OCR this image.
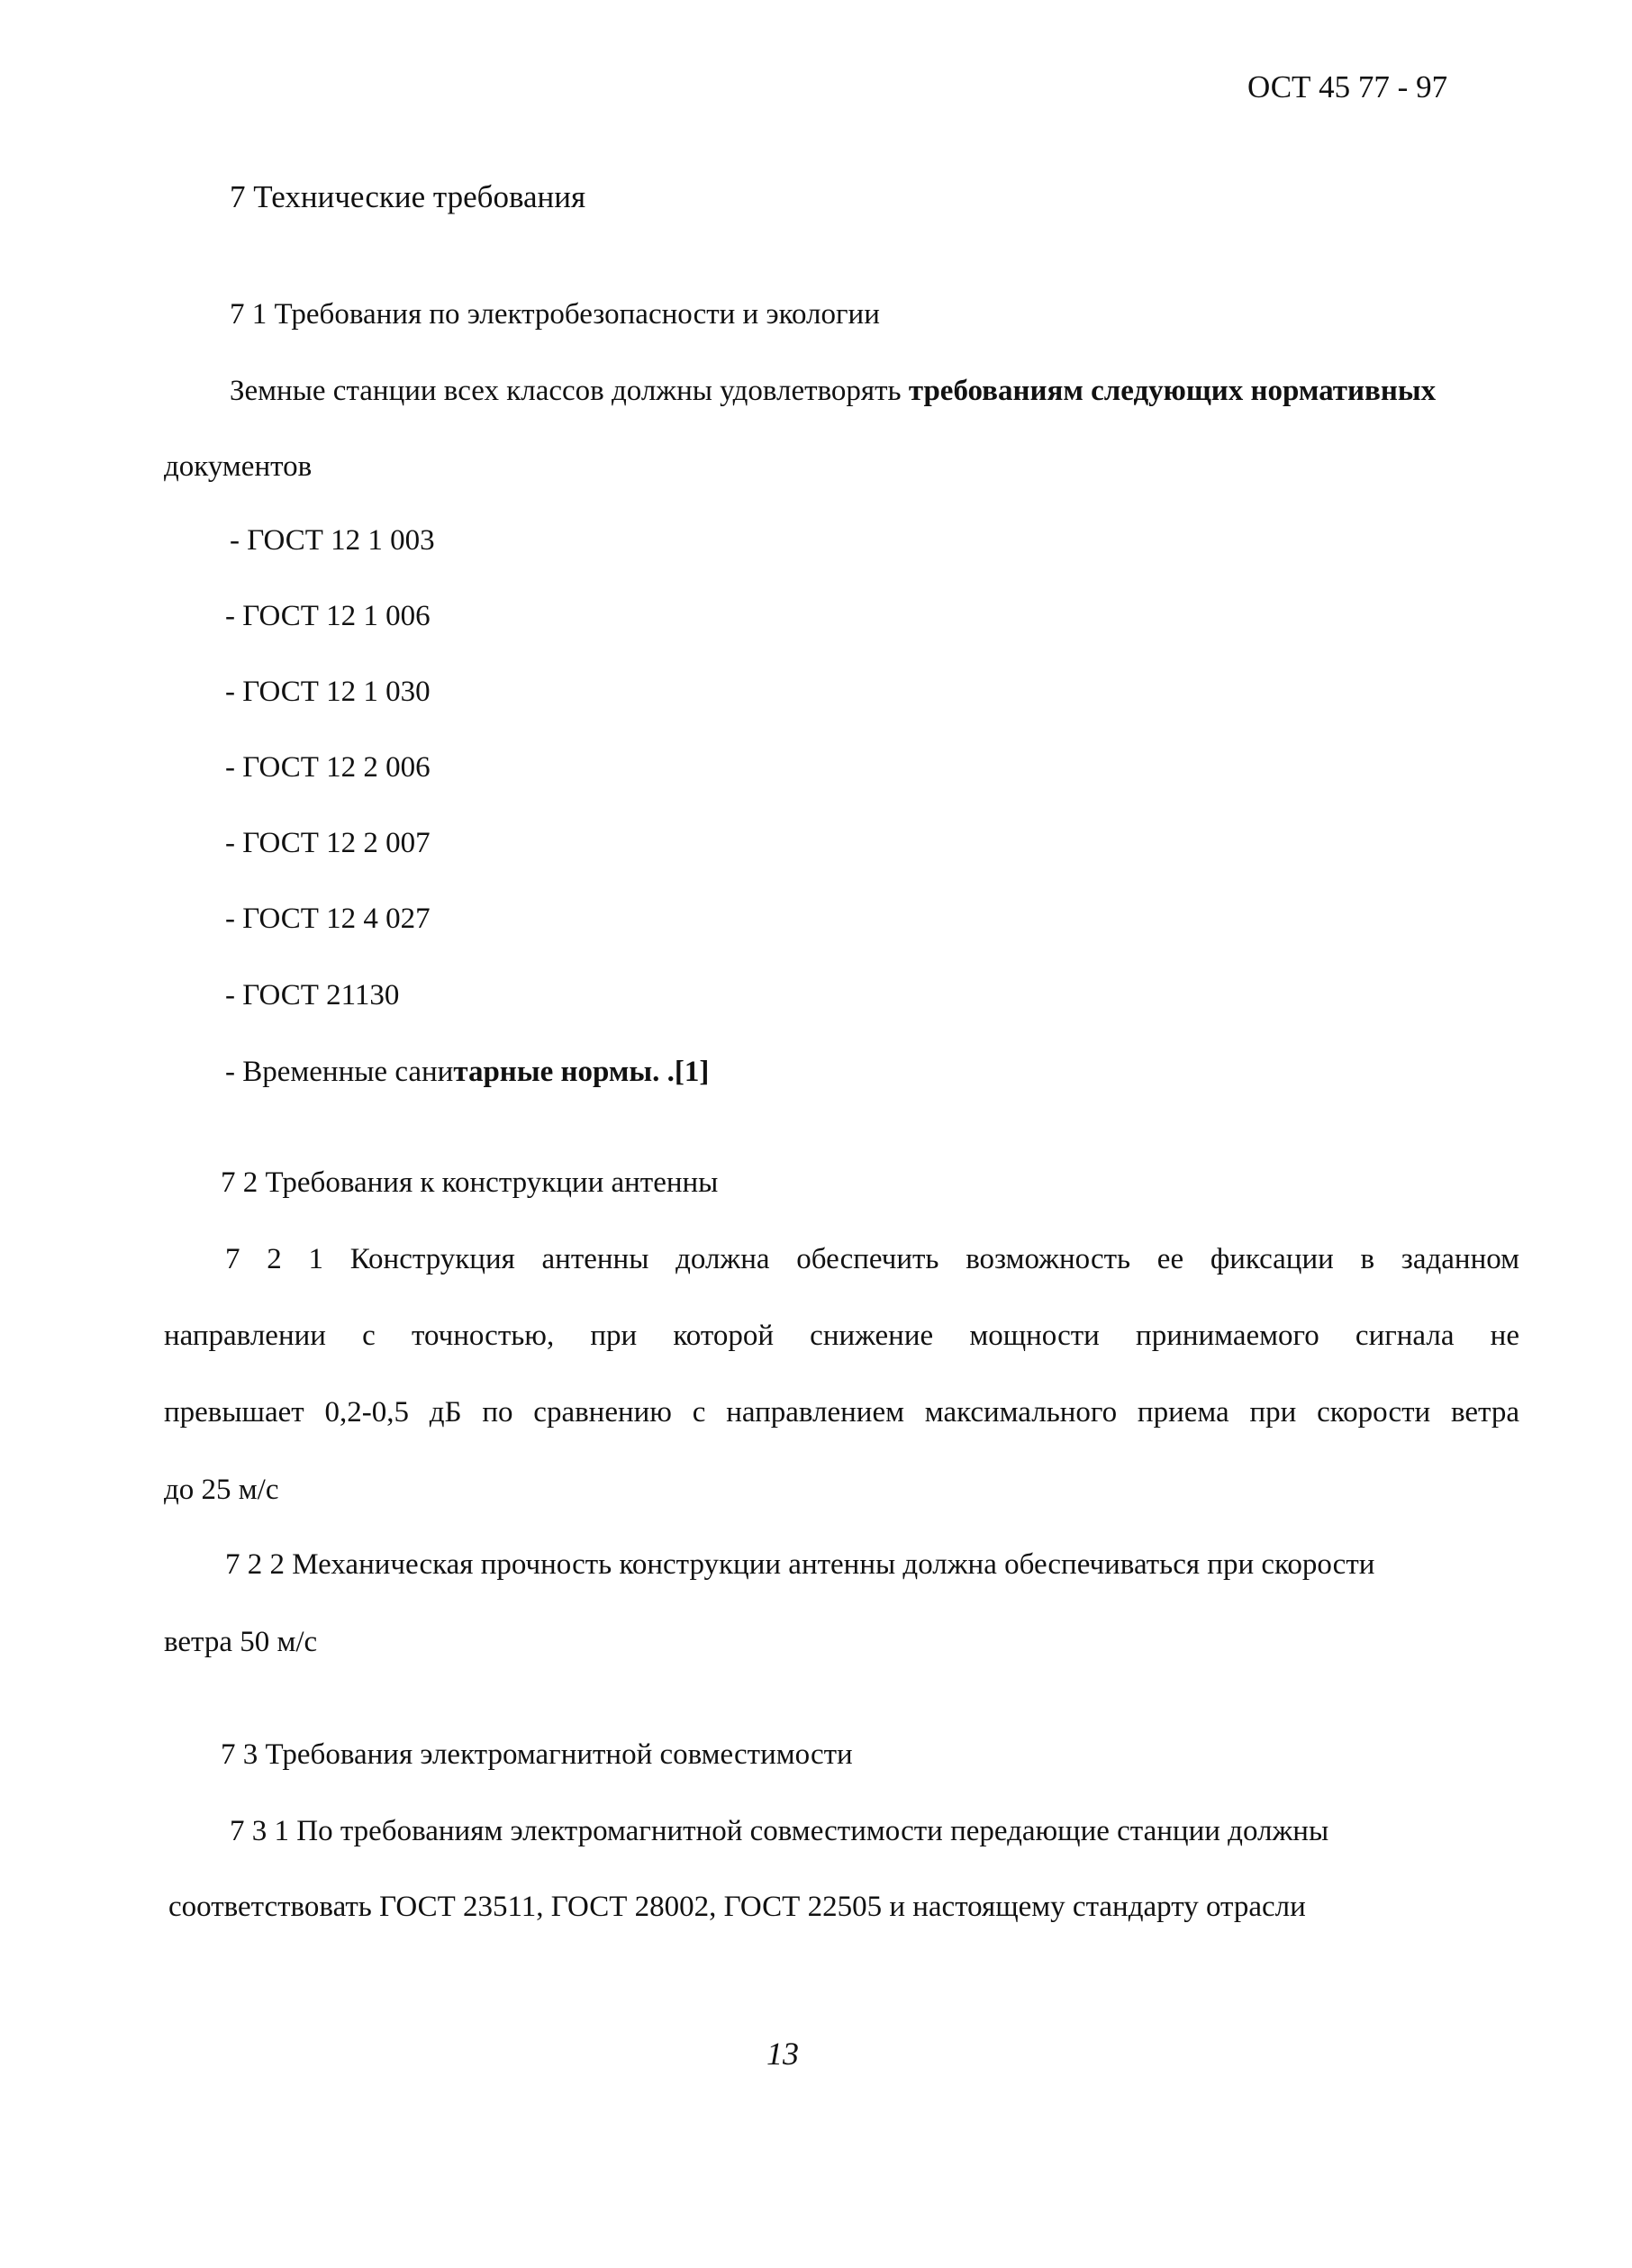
ОСТ 45 77 - 97
7 Технические требования
7 1 Требования по электробезопасности и экологии
Земные станции всех классов должны удовлетворять требованиям следующих нормативных
документов
- ГОСТ 12 1 003
- ГОСТ 12 1 006
- ГОСТ 12 1 030
- ГОСТ 12 2 006
- ГОСТ 12 2 007
- ГОСТ 12 4 027
- ГОСТ 21130
- Временные санитарные нормы. .[1]
7 2 Требования к конструкции антенны
7 2 1 Конструкция антенны должна обеспечить возможность ее фиксации в заданном
направлении с точностью, при которой снижение мощности принимаемого сигнала не
превышает 0,2-0,5 дБ по сравнению с направлением максимального приема при скорости ветра
до 25 м/с
7 2 2 Механическая прочность конструкции антенны должна обеспечиваться при скорости
ветра 50 м/с
7 3 Требования электромагнитной совместимости
7 3 1 По требованиям электромагнитной совместимости передающие станции должны
соответствовать ГОСТ 23511, ГОСТ 28002, ГОСТ 22505 и настоящему стандарту отрасли
13
